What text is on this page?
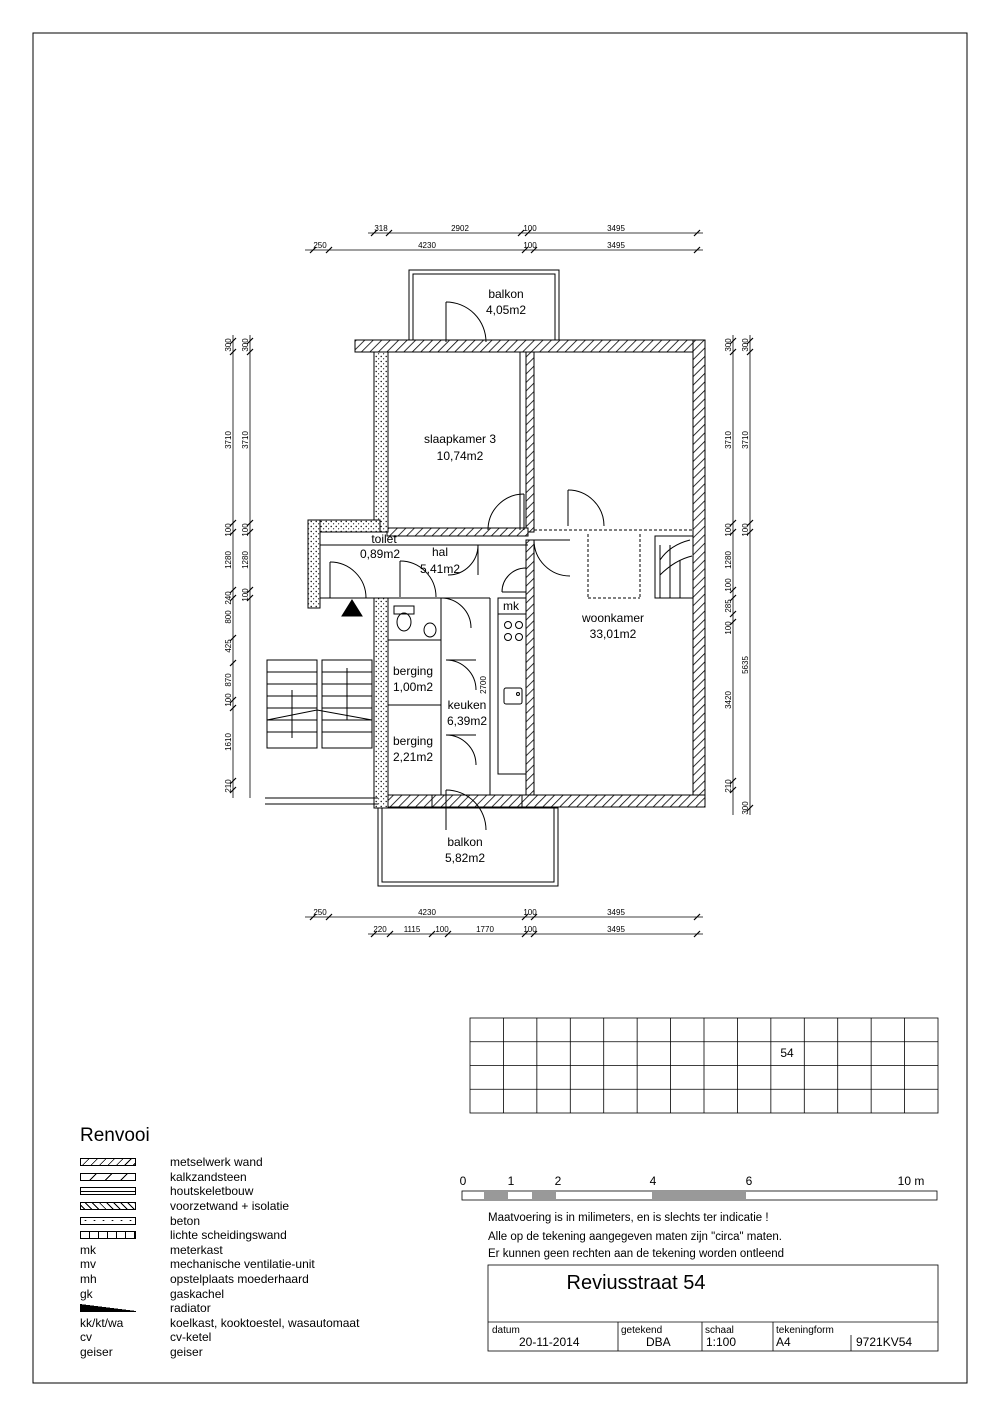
balkon
4,05m2
slaapkamer 3
10,74m2
toilet
0,89m2	hal
5,41m2
mk
woonkamer
33,01m2
berging
1,00m2
keuken
6,39m2
berging
2,21m2
balkon
5,82m2
2700
318	2902	100	3495
250	4230	100	3495
250	4230	100	3495
220 1115 100	1770	100	3495
300
3710
100
1280
240
800
425
870
100
1610
210
300
3710
100
1280
100
300
3710
100
1280
100
285
100
3420
210
300
3710
100
5635
300
54
0	1	2	4	6	10 m
Maatvoering is in milimeters, en is slechts ter indicatie !
Alle op de tekening aangegeven maten zijn "circa" maten.
Er kunnen geen rechten aan de tekening worden ontleend
Reviusstraat 54
datum	getekend	schaal	tekeningform
20-11-2014	DBA	1:100	A4	9721KV54
Renvooi
metselwerk wand
kalkzandsteen
houtskeletbouw
voorzetwand + isolatie
beton
lichte scheidingswand
mk	meterkast
mv	mechanische ventilatie-unit
mh	opstelplaats moederhaard
gk	gaskachel
radiator
kk/kt/wa	koelkast, kooktoestel, wasautomaat
cv	cv-ketel
geiser	geiser
